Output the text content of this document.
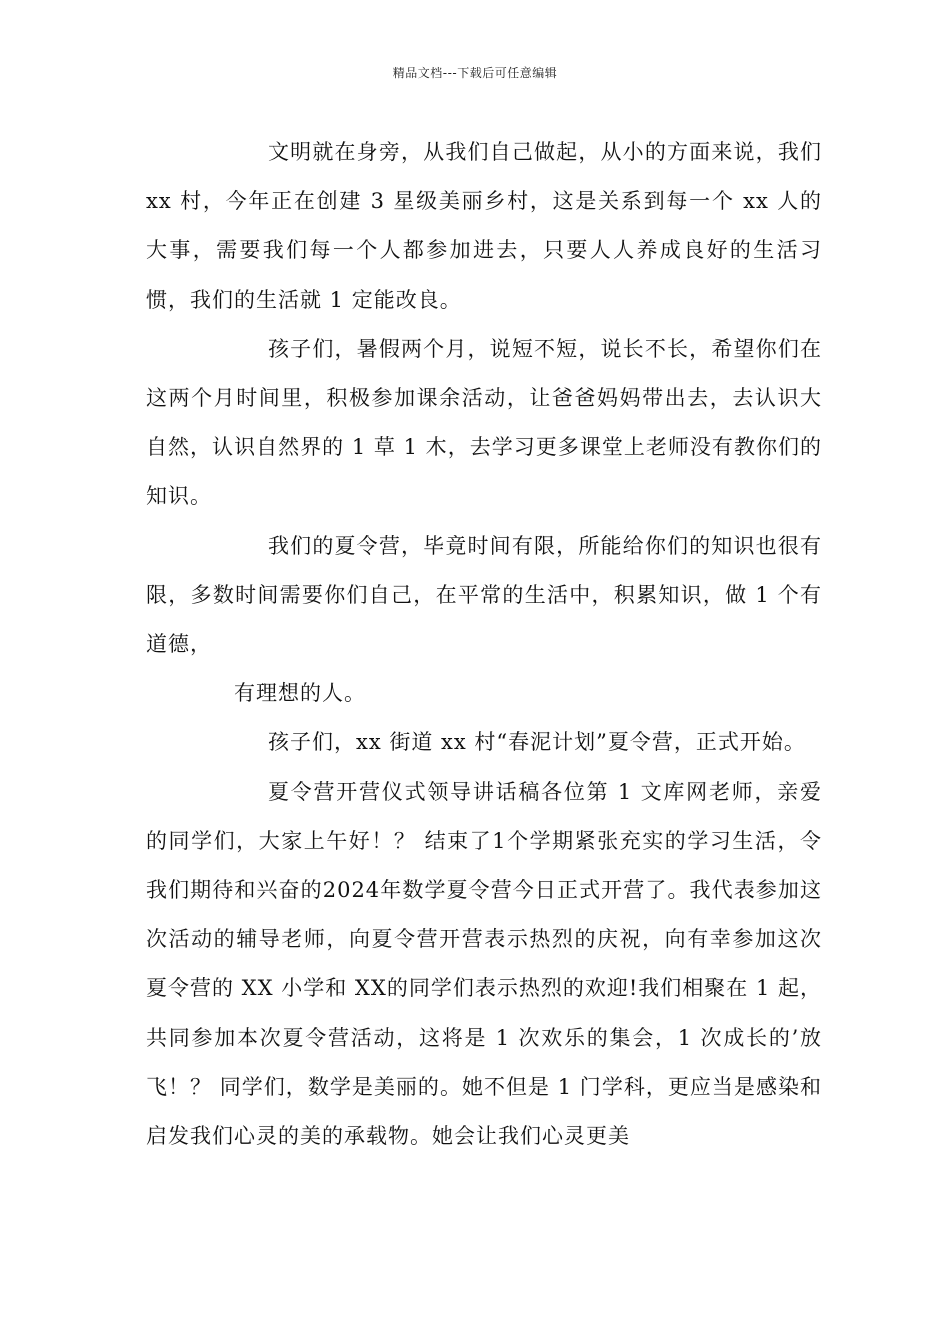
精品文档---下载后可任意编辑

文明就在身旁，从我们自己做起，从小的方面来说，我们 xx 村，今年正在创建 3 星级美丽乡村，这是关系到每一个 xx 人的大事，需要我们每一个人都参加进去，只要人人养成良好的生活习惯，我们的生活就 1 定能改良。

孩子们，暑假两个月，说短不短，说长不长，希望你们在这两个月时间里，积极参加课余活动，让爸爸妈妈带出去，去认识大自然，认识自然界的 1 草 1 木，去学习更多课堂上老师没有教你们的知识。

我们的夏令营，毕竟时间有限，所能给你们的知识也很有限，多数时间需要你们自己，在平常的生活中，积累知识，做 1 个有道德，

有理想的人。

孩子们，xx 街道 xx 村“春泥计划”夏令营，正式开始。

夏令营开营仪式领导讲话稿各位第 1 文库网老师，亲爱的同学们，大家上午好！？ 结束了1个学期紧张充实的学习生活，令我们期待和兴奋的2024年数学夏令营今日正式开营了。我代表参加这次活动的辅导老师，向夏令营开营表示热烈的庆祝，向有幸参加这次夏令营的 XX 小学和 XX的同学们表示热烈的欢迎!我们相聚在 1 起，共同参加本次夏令营活动，这将是 1 次欢乐的集会，1 次成长的’放飞！？ 同学们，数学是美丽的。她不但是 1 门学科，更应当是感染和启发我们心灵的美的承载物。她会让我们心灵更美
